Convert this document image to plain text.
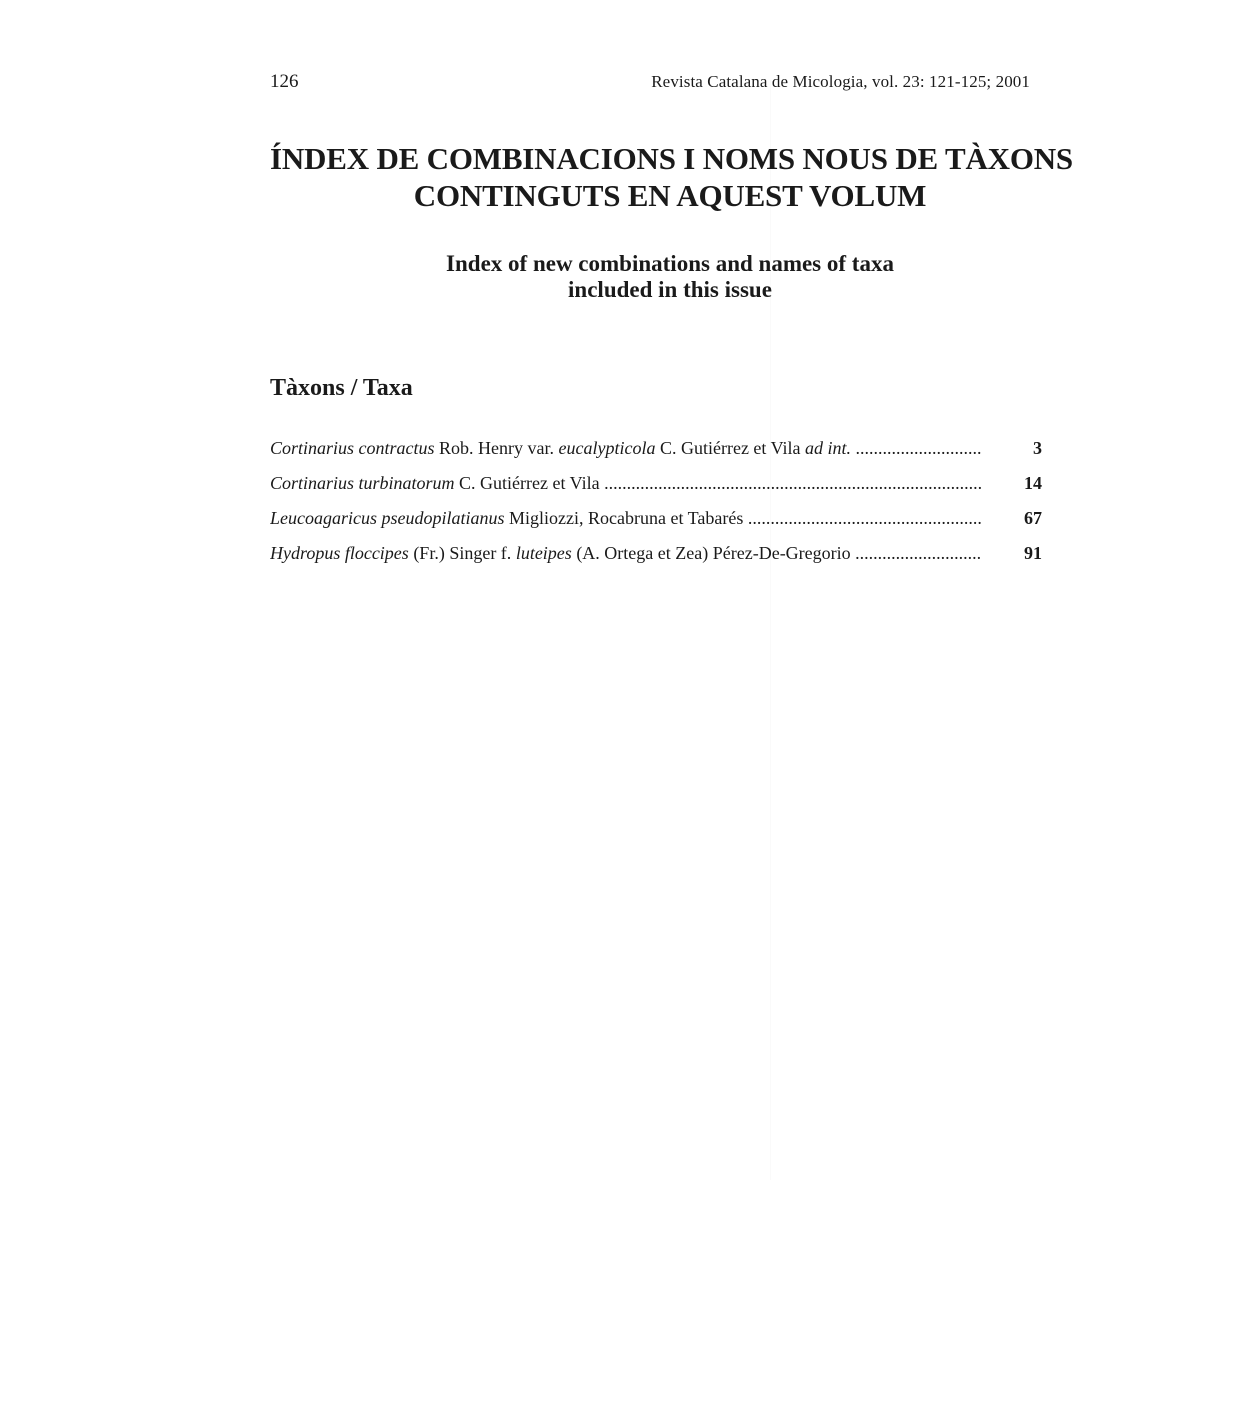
126	Revista Catalana de Micologia, vol. 23: 121-125; 2001
ÍNDEX DE COMBINACIONS I NOMS NOUS DE TÀXONS
CONTINGUTS EN AQUEST VOLUM
Index of new combinations and names of taxa
included in this issue
Tàxons / Taxa
Cortinarius contractus Rob. Henry var. eucalypticola C. Gutiérrez et Vila ad int. ............................	3
Cortinarius turbinatorum C. Gutiérrez et Vila .................................................................................... 14
Leucoagaricus pseudopilatianus Migliozzi, Rocabruna et Tabarés .................................................... 67
Hydropus floccipes (Fr.) Singer f. luteipes (A. Ortega et Zea) Pérez-De-Gregorio ............................ 91
